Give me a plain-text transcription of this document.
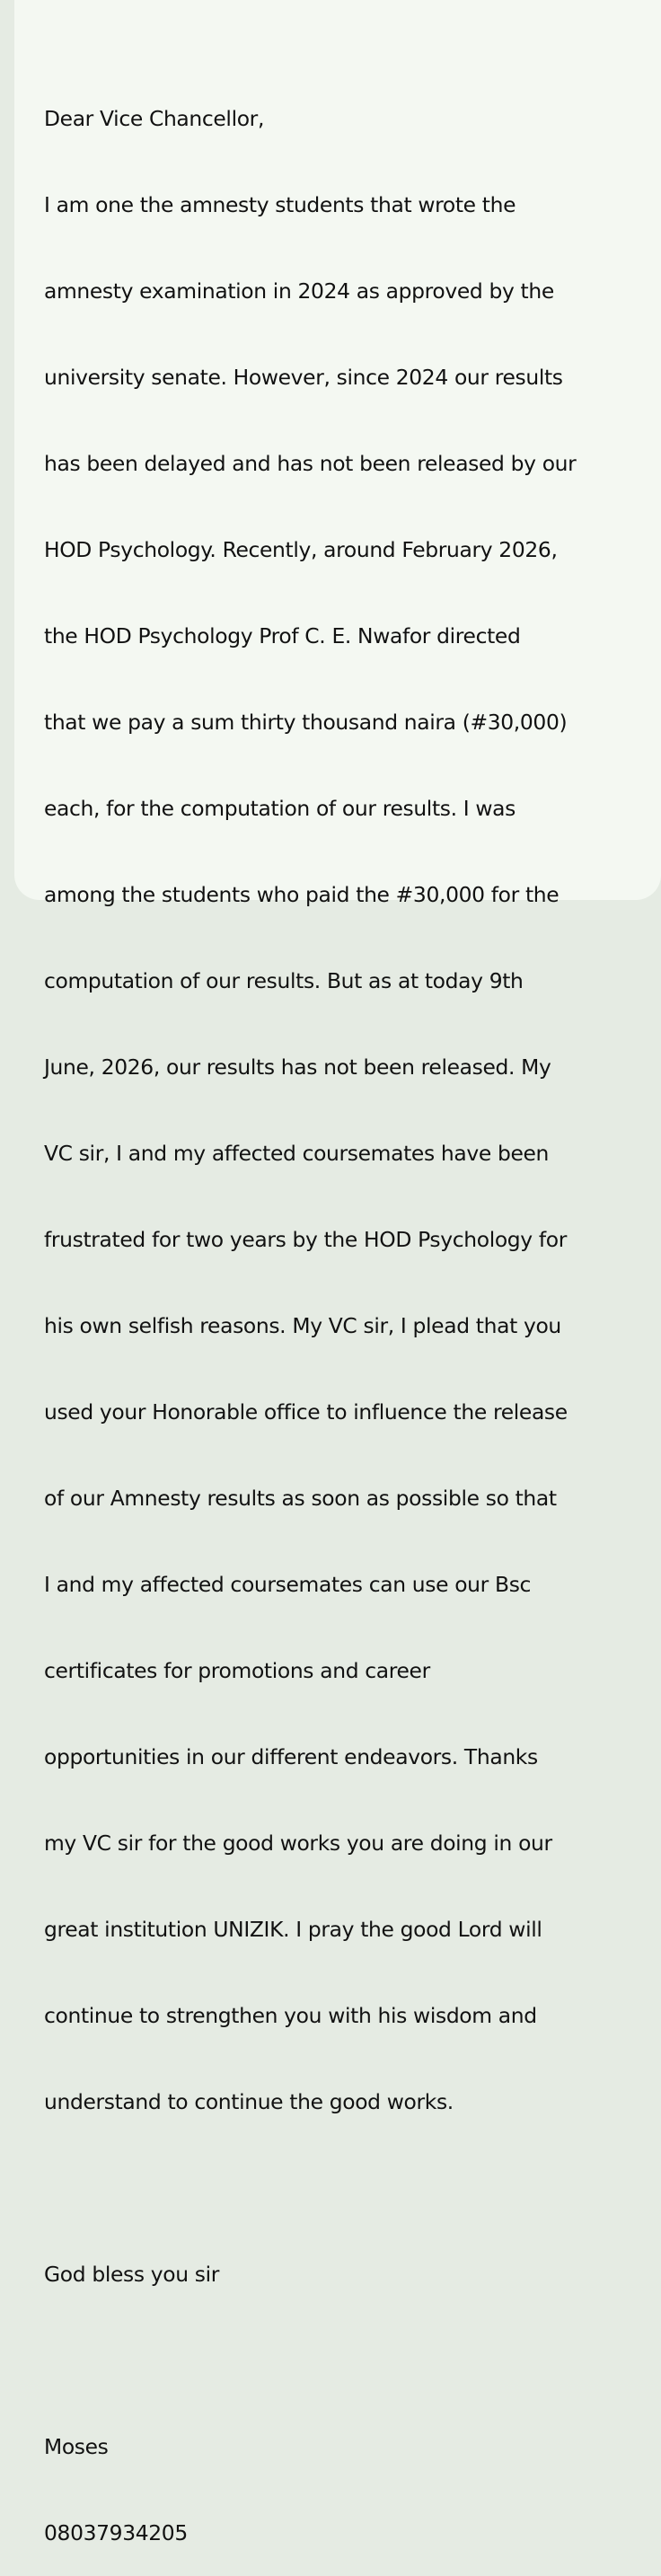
Dear Vice Chancellor,

I am one the amnesty students that wrote the

amnesty examination in 2024 as approved by the

university senate. However, since 2024 our results

has been delayed and has not been released by our

HOD Psychology. Recently, around February 2026,

the HOD Psychology Prof C. E. Nwafor directed

that we pay a sum thirty thousand naira (#30,000)

each, for the computation of our results. I was

among the students who paid the #30,000 for the

computation of our results. But as at today 9th

June, 2026, our results has not been released. My

VC sir, I and my affected coursemates have been

frustrated for two years by the HOD Psychology for

his own selfish reasons. My VC sir, I plead that you

used your Honorable office to influence the release

of our Amnesty results as soon as possible so that

I and my affected coursemates can use our Bsc

certificates for promotions and career

opportunities in our different endeavors. Thanks

my VC sir for the good works you are doing in our

great institution UNIZIK. I pray the good Lord will

continue to strengthen you with his wisdom and

understand to continue the good works.

God bless you sir

Moses

08037934205
